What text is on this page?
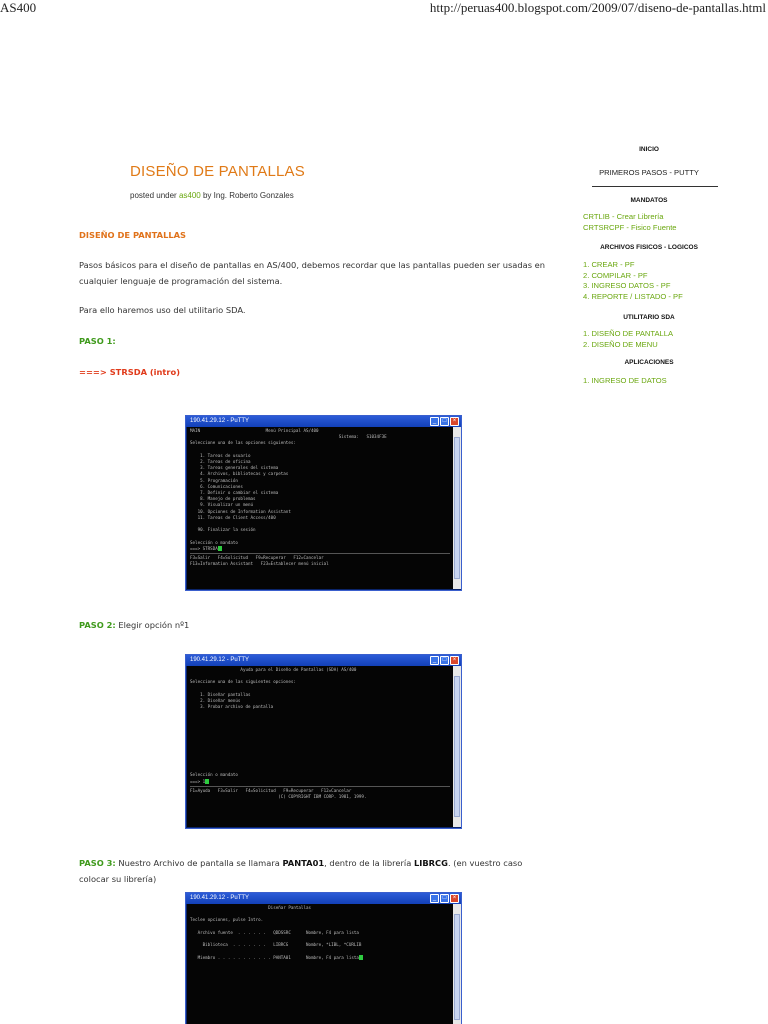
AS400	http://peruas400.blogspot.com/2009/07/diseno-de-pantallas.html
DISEÑO DE PANTALLAS
posted under as400 by Ing. Roberto Gonzales
DISEÑO DE PANTALLAS
Pasos básicos para el diseño de pantallas en AS/400, debemos recordar que las pantallas pueden ser usadas en cualquier lenguaje de programación del sistema.
Para ello haremos uso del utilitario SDA.
PASO 1:
===> STRSDA (intro)
190.41.29.12 - PuTTY	_	□	×
MAIN                          Menú Principal AS/400
Sistema:   S1034F3E
Seleccione una de las opciones siguientes:

1. Tareas de usuario
2. Tareas de oficina
3. Tareas generales del sistema
4. Archivos, bibliotecas y carpetas
5. Programación
6. Comunicaciones
7. Definir o cambiar el sistema
8. Manejo de problemas
9. Visualizar un menú
10. Opciones de Information Assistant
11. Tareas de Client Access/400

90. Finalizar la sesión

Selección o mandato
===> STRSDA

F3=Salir   F4=Solicitud   F9=Recuperar   F12=Cancelar
F13=Information Assistant   F23=Establecer menú inicial
PASO 2: Elegir opción nº1
190.41.29.12 - PuTTY	_	□	×
Ayuda para el Diseño de Pantallas (SDA) AS/400

Seleccione una de las siguientes opciones:

1. Diseñar pantallas
2. Diseñar menús
3. Probar archivo de pantalla

Selección o mandato
===> 1

F1=Ayuda   F3=Salir   F4=Solicitud   F9=Recuperar   F12=Cancelar
(C) COPYRIGHT IBM CORP. 1981, 1999.
PASO 3: Nuestro Archivo de pantalla se llamara PANTA01, dentro de la librería LIBRCG. (en vuestro caso colocar su librería)
190.41.29.12 - PuTTY	_	□	×
Diseñar Pantallas

Teclee opciones, pulse Intro.

Archivo fuente  . . . . . .   QDDSSRC      Nombre, F4 para lista

Biblioteca  . . . . . . .   LIBRCG       Nombre, *LIBL, *CURLIB

Miembro . . . . . . . . . . . PANTA01      Nombre, F4 para lista
INICIO
PRIMEROS PASOS - PUTTY
MANDATOS
CRTLIB - Crear Librería
CRTSRCPF - Fisico Fuente
ARCHIVOS FISICOS - LOGICOS
1. CREAR - PF
2. COMPILAR - PF
3. INGRESO DATOS - PF
4. REPORTE / LISTADO - PF
UTILITARIO SDA
1. DISEÑO DE PANTALLA
2. DISEÑO DE MENU
APLICACIONES
1. INGRESO DE DATOS
